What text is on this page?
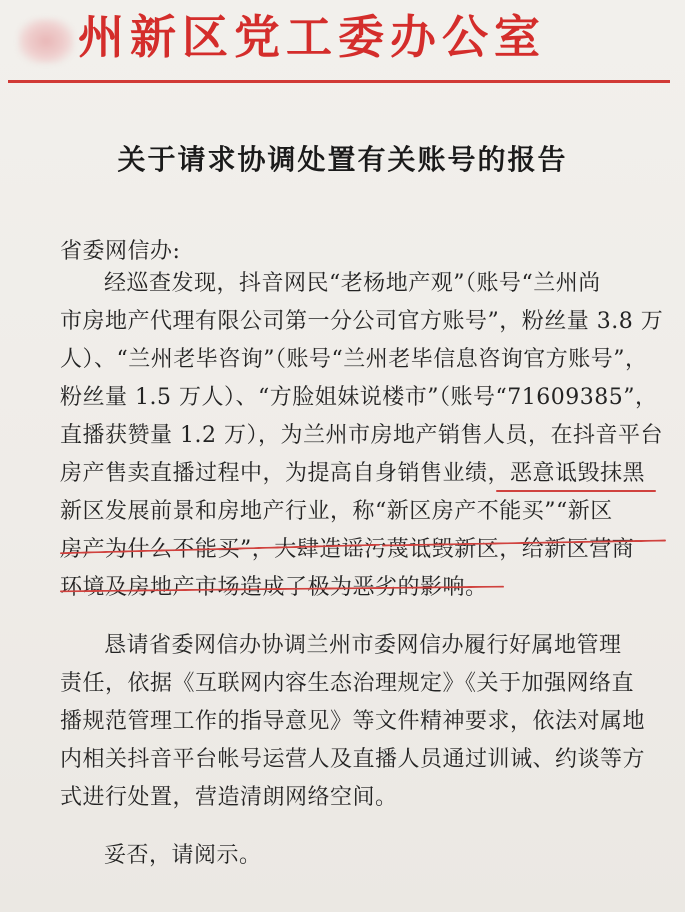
州新区党工委办公室
关于请求协调处置有关账号的报告
省委网信办:
经巡查发现，抖音网民“老杨地产观”（账号“兰州尚
市房地产代理有限公司第一分公司官方账号”，粉丝量 3.8 万
人）、“兰州老毕咨询”（账号“兰州老毕信息咨询官方账号”，
粉丝量 1.5 万人）、“方脸姐妹说楼市”（账号“71609385”，
直播获赞量 1.2 万），为兰州市房地产销售人员，在抖音平台
房产售卖直播过程中，为提高自身销售业绩，恶意诋毁抹黑
新区发展前景和房地产行业，称“新区房产不能买”“新区
房产为什么不能买”，大肆造谣污蔑诋毁新区，给新区营商
环境及房地产市场造成了极为恶劣的影响。
恳请省委网信办协调兰州市委网信办履行好属地管理
责任，依据《互联网内容生态治理规定》《关于加强网络直
播规范管理工作的指导意见》等文件精神要求，依法对属地
内相关抖音平台帐号运营人及直播人员通过训诫、约谈等方
式进行处置，营造清朗网络空间。
妥否，请阅示。
